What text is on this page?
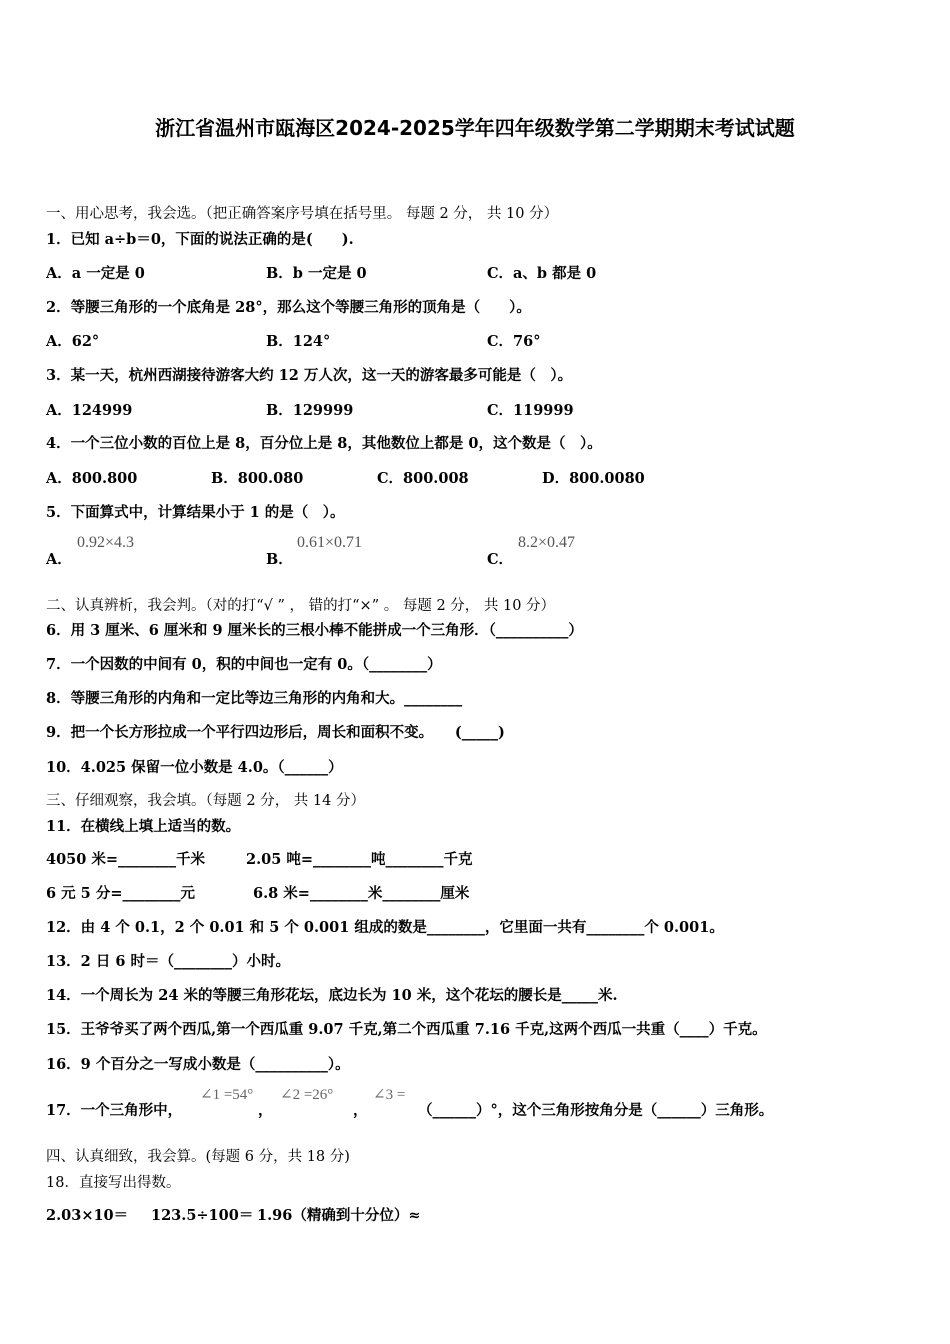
浙江省温州市瓯海区2024-2025学年四年级数学第二学期期末考试试题
一、用心思考，我会选。（把正确答案序号填在括号里。 每题 2 分， 共 10 分）
1．已知 a÷b＝0，下面的说法正确的是(　　).
A．a 一定是 0	B．b 一定是 0	C．a、b 都是 0
2．等腰三角形的一个底角是 28°，那么这个等腰三角形的顶角是（　　）。
A．62°	B．124°	C．76°
3．某一天，杭州西湖接待游客大约 12 万人次，这一天的游客最多可能是（　）。
A．124999	B．129999	C．119999
4．一个三位小数的百位上是 8，百分位上是 8，其他数位上都是 0，这个数是（　）。
A．800.800	B．800.080	C．800.008	D．800.0080
5．下面算式中，计算结果小于 1 的是（　）。
A．
0.92×4.3
B．
0.61×0.71
C．
8.2×0.47
二、认真辨析，我会判。（对的打“√ ” ， 错的打“×” 。 每题 2 分， 共 10 分）
6．用 3 厘米、6 厘米和 9 厘米长的三根小棒不能拼成一个三角形．（__________）
7．一个因数的中间有 0，积的中间也一定有 0。（________）
8．等腰三角形的内角和一定比等边三角形的内角和大。________
9．把一个长方形拉成一个平行四边形后，周长和面积不变。　　(_____)
10．4.025 保留一位小数是 4.0。（______）
三、仔细观察，我会填。（每题 2 分， 共 14 分）
11．在横线上填上适当的数。
4050 米=________千米	2.05 吨=________吨________千克
6 元 5 分=________元	6.8 米=________米________厘米
12．由 4 个 0.1，2 个 0.01 和 5 个 0.001 组成的数是________，它里面一共有________个 0.001。
13．2 日 6 时＝（________）小时。
14．一个周长为 24 米的等腰三角形花坛，底边长为 10 米，这个花坛的腰长是_____米.
15．王爷爷买了两个西瓜,第一个西瓜重 9.07 千克,第二个西瓜重 7.16 千克,这两个西瓜一共重（____）千克。
16．9 个百分之一写成小数是（__________）。
17．一个三角形中，
∠1 =54°
，
∠2 =26°
，
∠3 =
（______）°，这个三角形按角分是（______）三角形。
四、认真细致，我会算。(每题 6 分，共 18 分)
18．直接写出得数。
2.03×10＝ 123.5÷100＝ 1.96（精确到十分位）≈
